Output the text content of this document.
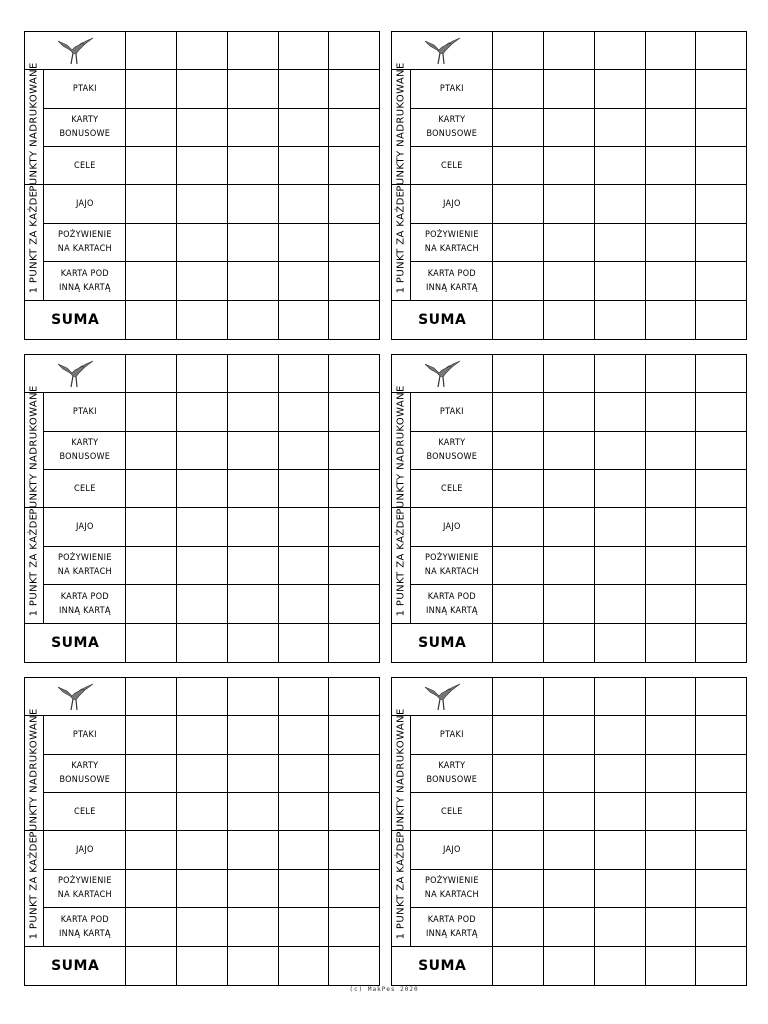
PUNKTY NADRUKOWANE	PTAKI					
	KARTY
BONUSOWE					
	CELE					

1 PUNKT ZA KAŻDE	JAJO					
	POŻYWIENIE
NA KARTACH					
	KARTA POD
INNĄ KARTĄ					
SUMA						

PUNKTY NADRUKOWANE	PTAKI					
	KARTY
BONUSOWE					
	CELE					

1 PUNKT ZA KAŻDE	JAJO					
	POŻYWIENIE
NA KARTACH					
	KARTA POD
INNĄ KARTĄ					
SUMA						

PUNKTY NADRUKOWANE	PTAKI					
	KARTY
BONUSOWE					
	CELE					

1 PUNKT ZA KAŻDE	JAJO					
	POŻYWIENIE
NA KARTACH					
	KARTA POD
INNĄ KARTĄ					
SUMA						

PUNKTY NADRUKOWANE	PTAKI					
	KARTY
BONUSOWE					
	CELE					

1 PUNKT ZA KAŻDE	JAJO					
	POŻYWIENIE
NA KARTACH					
	KARTA POD
INNĄ KARTĄ					
SUMA						

PUNKTY NADRUKOWANE	PTAKI					
	KARTY
BONUSOWE					
	CELE					

1 PUNKT ZA KAŻDE	JAJO					
	POŻYWIENIE
NA KARTACH					
	KARTA POD
INNĄ KARTĄ					
SUMA						

PUNKTY NADRUKOWANE	PTAKI					
	KARTY
BONUSOWE					
	CELE					

1 PUNKT ZA KAŻDE	JAJO					
	POŻYWIENIE
NA KARTACH					
	KARTA POD
INNĄ KARTĄ					
SUMA						
(c) MakPes 2020
